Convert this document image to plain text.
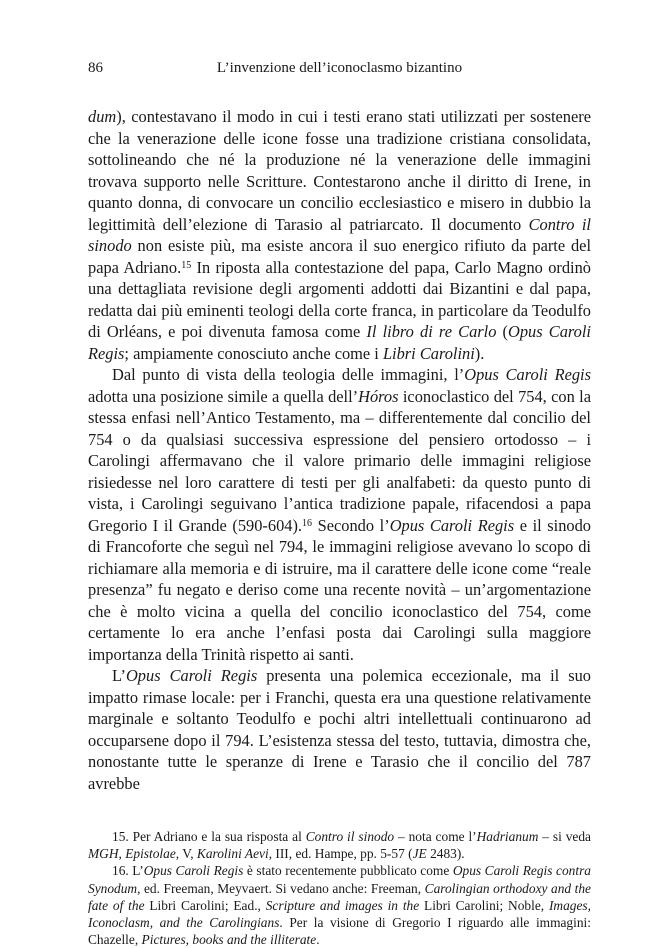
86	L’invenzione dell’iconoclasmo bizantino

dum), contestavano il modo in cui i testi erano stati utilizzati per sostenere che la venerazione delle icone fosse una tradizione cristiana consolidata, sottolineando che né la produzione né la venerazione delle immagini trovava supporto nelle Scritture. Contestarono anche il diritto di Irene, in quanto donna, di convocare un concilio ecclesiastico e misero in dubbio la legittimità dell’elezione di Tarasio al patriarcato. Il documento Contro il sinodo non esiste più, ma esiste ancora il suo energico rifiuto da parte del papa Adriano.$^{15}$ In riposta alla contestazione del papa, Carlo Magno ordinò una dettagliata revisione degli argomenti addotti dai Bizantini e dal papa, redatta dai più eminenti teologi della corte franca, in particolare da Teodulfo di Orléans, e poi divenuta famosa come Il libro di re Carlo (Opus Caroli Regis; ampiamente conosciuto anche come i Libri Carolini).

Dal punto di vista della teologia delle immagini, l’Opus Caroli Regis adotta una posizione simile a quella dell’Hóros iconoclastico del 754, con la stessa enfasi nell’Antico Testamento, ma – differentemente dal concilio del 754 o da qualsiasi successiva espressione del pensiero ortodosso – i Carolingi affermavano che il valore primario delle immagini religiose risiedesse nel loro carattere di testi per gli analfabeti: da questo punto di vista, i Carolingi seguivano l’antica tradizione papale, rifacendosi a papa Gregorio I il Grande (590-604).$^{16}$ Secondo l’Opus Caroli Regis e il sinodo di Francoforte che seguì nel 794, le immagini religiose avevano lo scopo di richiamare alla memoria e di istruire, ma il carattere delle icone come “reale presenza” fu negato e deriso come una recente novità – un’argomentazione che è molto vicina a quella del concilio iconoclastico del 754, come certamente lo era anche l’enfasi posta dai Carolingi sulla maggiore importanza della Trinità rispetto ai santi.

L’Opus Caroli Regis presenta una polemica eccezionale, ma il suo impatto rimase locale: per i Franchi, questa era una questione relativamente marginale e soltanto Teodulfo e pochi altri intellettuali continuarono ad occuparsene dopo il 794. L’esistenza stessa del testo, tuttavia, dimostra che, nonostante tutte le speranze di Irene e Tarasio che il concilio del 787 avrebbe

15. Per Adriano e la sua risposta al Contro il sinodo – nota come l’Hadrianum – si veda MGH, Epistolae, V, Karolini Aevi, III, ed. Hampe, pp. 5-57 (JE 2483).

16. L’Opus Caroli Regis è stato recentemente pubblicato come Opus Caroli Regis contra Synodum, ed. Freeman, Meyvaert. Si vedano anche: Freeman, Carolingian orthodoxy and the fate of the Libri Carolini; Ead., Scripture and images in the Libri Carolini; Noble, Images, Iconoclasm, and the Carolingians. Per la visione di Gregorio I riguardo alle immagini: Chazelle, Pictures, books and the illiterate.
